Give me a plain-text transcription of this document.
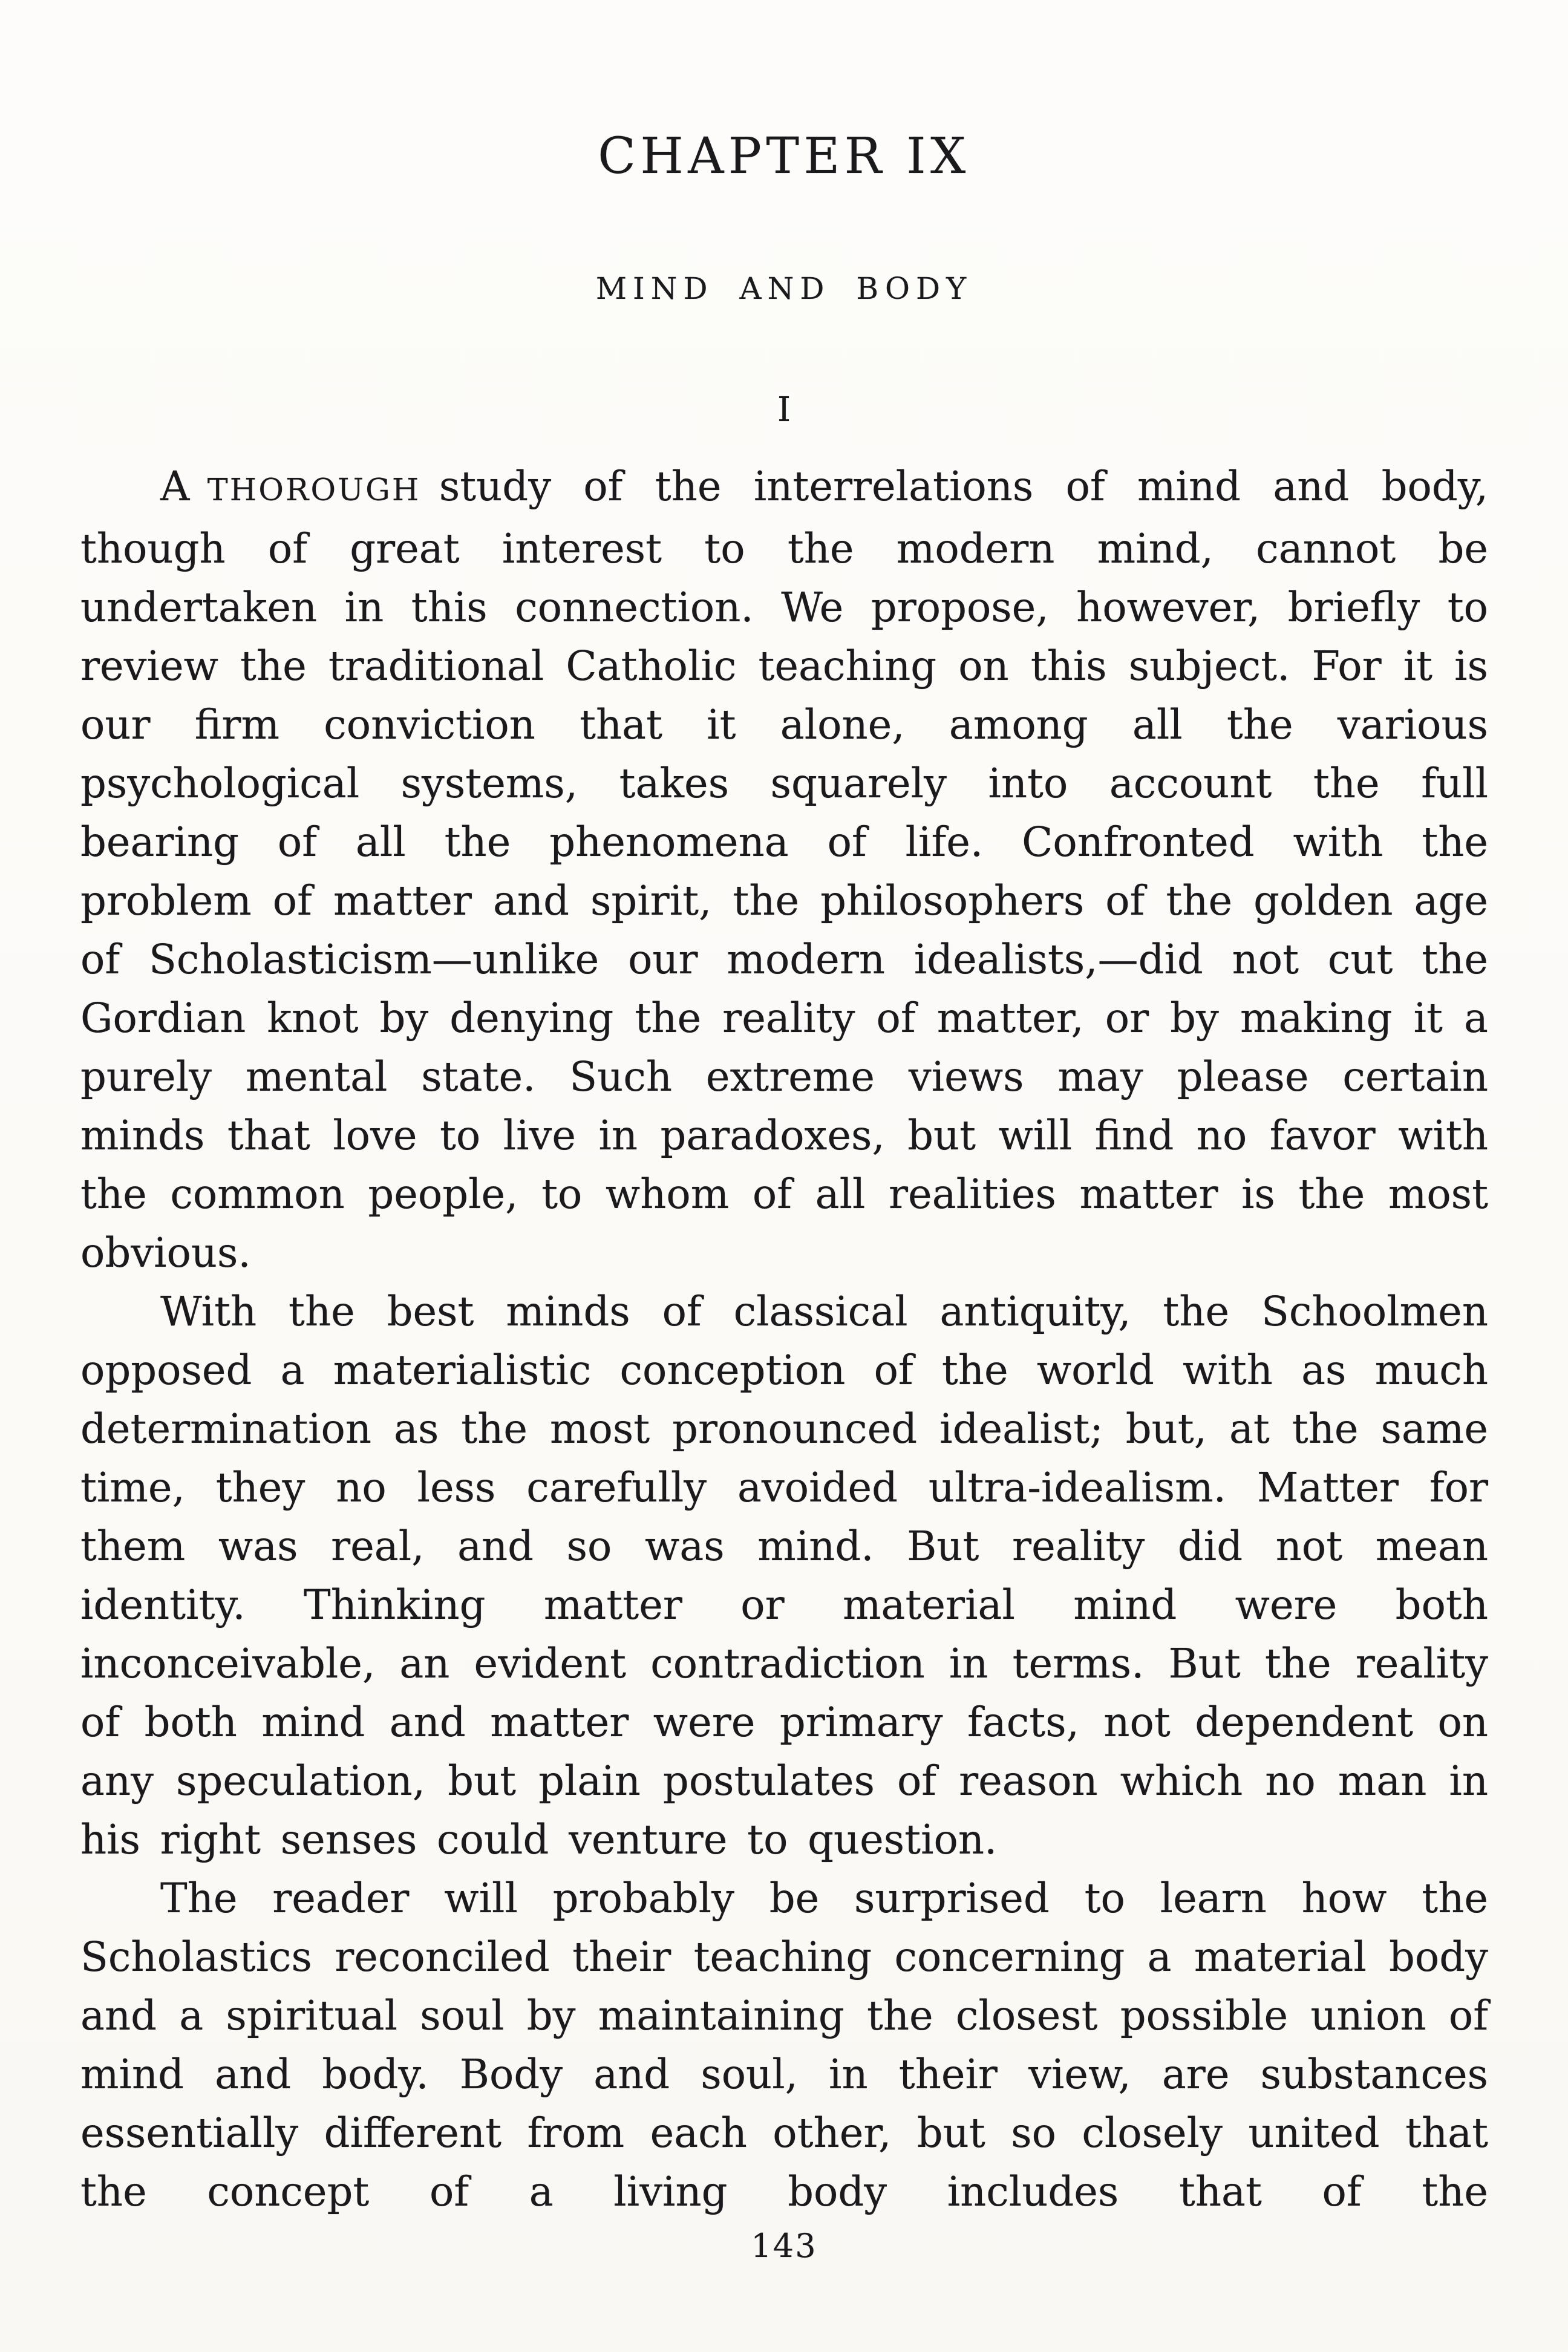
CHAPTER IX
MIND AND BODY
I

A THOROUGH study of the interrelations of mind and body, though of great interest to the modern mind, cannot be undertaken in this connection. We propose, however, briefly to review the traditional Catholic teaching on this subject. For it is our firm conviction that it alone, among all the various psychological systems, takes squarely into account the full bearing of all the phenomena of life. Confronted with the problem of matter and spirit, the philosophers of the golden age of Scholasticism—unlike our modern idealists,—did not cut the Gordian knot by denying the reality of matter, or by making it a purely mental state. Such extreme views may please certain minds that love to live in paradoxes, but will find no favor with the common people, to whom of all realities matter is the most obvious.

With the best minds of classical antiquity, the Schoolmen opposed a materialistic conception of the world with as much determination as the most pronounced idealist; but, at the same time, they no less carefully avoided ultra-idealism. Matter for them was real, and so was mind. But reality did not mean identity. Thinking matter or material mind were both inconceivable, an evident contradiction in terms. But the reality of both mind and matter were primary facts, not dependent on any speculation, but plain postulates of reason which no man in his right senses could venture to question.

The reader will probably be surprised to learn how the Scholastics reconciled their teaching concerning a material body and a spiritual soul by maintaining the closest possible union of mind and body. Body and soul, in their view, are substances essentially different from each other, but so closely united that the concept of a living body includes that of the

143
